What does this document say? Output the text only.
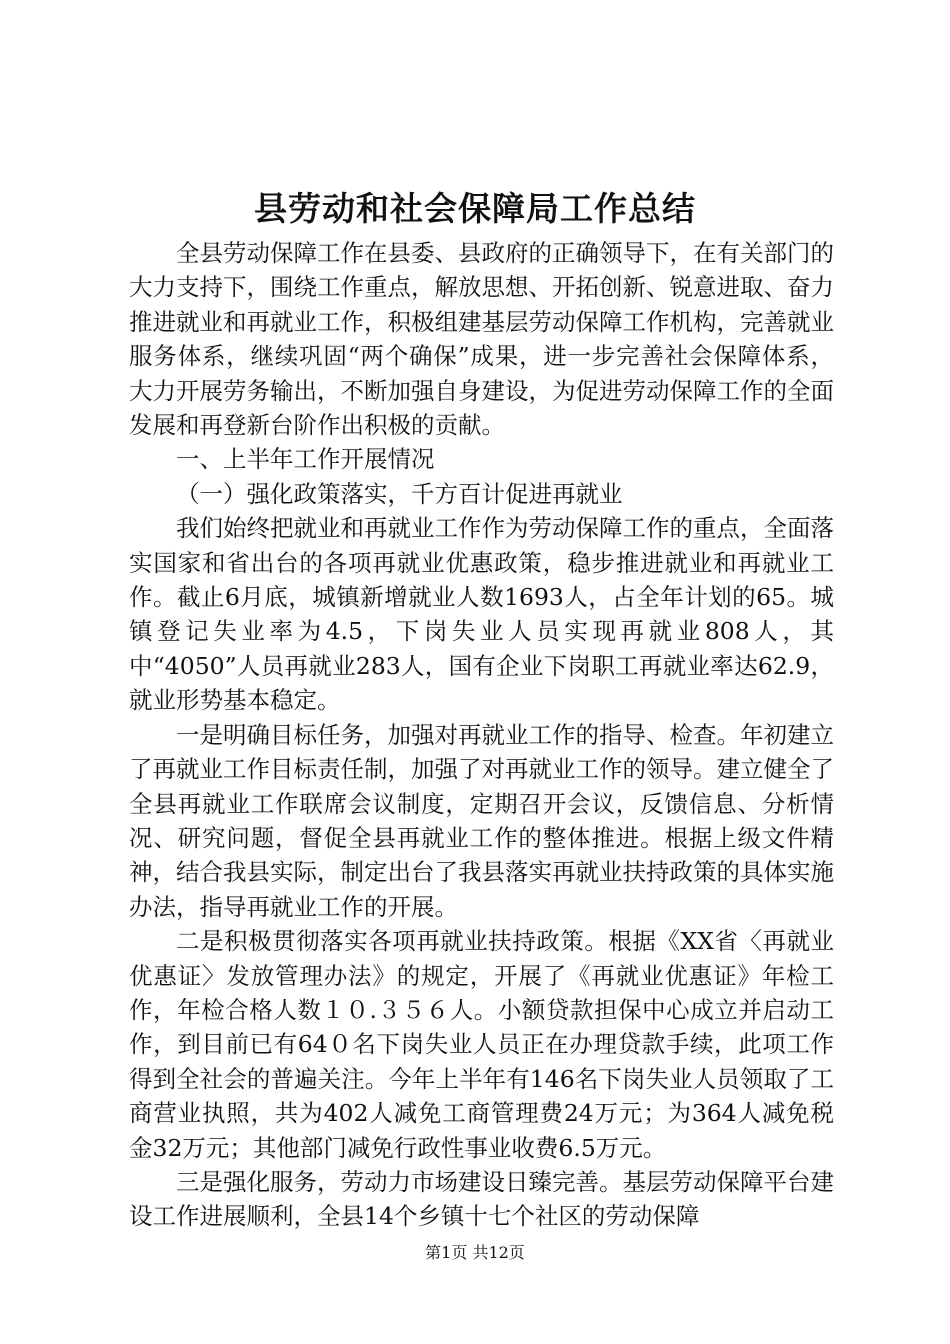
县劳动和社会保障局工作总结

全县劳动保障工作在县委、县政府的正确领导下，在有关部门的大力支持下，围绕工作重点，解放思想、开拓创新、锐意进取、奋力推进就业和再就业工作，积极组建基层劳动保障工作机构，完善就业服务体系，继续巩固“两个确保”成果，进一步完善社会保障体系，大力开展劳务输出，不断加强自身建设，为促进劳动保障工作的全面发展和再登新台阶作出积极的贡献。

一、上半年工作开展情况

（一）强化政策落实，千方百计促进再就业

我们始终把就业和再就业工作作为劳动保障工作的重点，全面落实国家和省出台的各项再就业优惠政策，稳步推进就业和再就业工作。截止6月底，城镇新增就业人数1693人，占全年计划的65。城镇登记失业率为4.5，下岗失业人员实现再就业808人，其中“4050”人员再就业283人，国有企业下岗职工再就业率达62.9，就业形势基本稳定。

一是明确目标任务，加强对再就业工作的指导、检查。年初建立了再就业工作目标责任制，加强了对再就业工作的领导。建立健全了全县再就业工作联席会议制度，定期召开会议，反馈信息、分析情况、研究问题，督促全县再就业工作的整体推进。根据上级文件精神，结合我县实际，制定出台了我县落实再就业扶持政策的具体实施办法，指导再就业工作的开展。

二是积极贯彻落实各项再就业扶持政策。根据《XX省〈再就业优惠证〉发放管理办法》的规定，开展了《再就业优惠证》年检工作，年检合格人数１０.３５６人。小额贷款担保中心成立并启动工作，到目前已有64０名下岗失业人员正在办理贷款手续，此项工作得到全社会的普遍关注。今年上半年有146名下岗失业人员领取了工商营业执照，共为402人减免工商管理费24万元；为364人减免税金32万元；其他部门减免行政性事业收费6.5万元。

三是强化服务，劳动力市场建设日臻完善。基层劳动保障平台建设工作进展顺利，全县14个乡镇十七个社区的劳动保障

第1页 共12页
